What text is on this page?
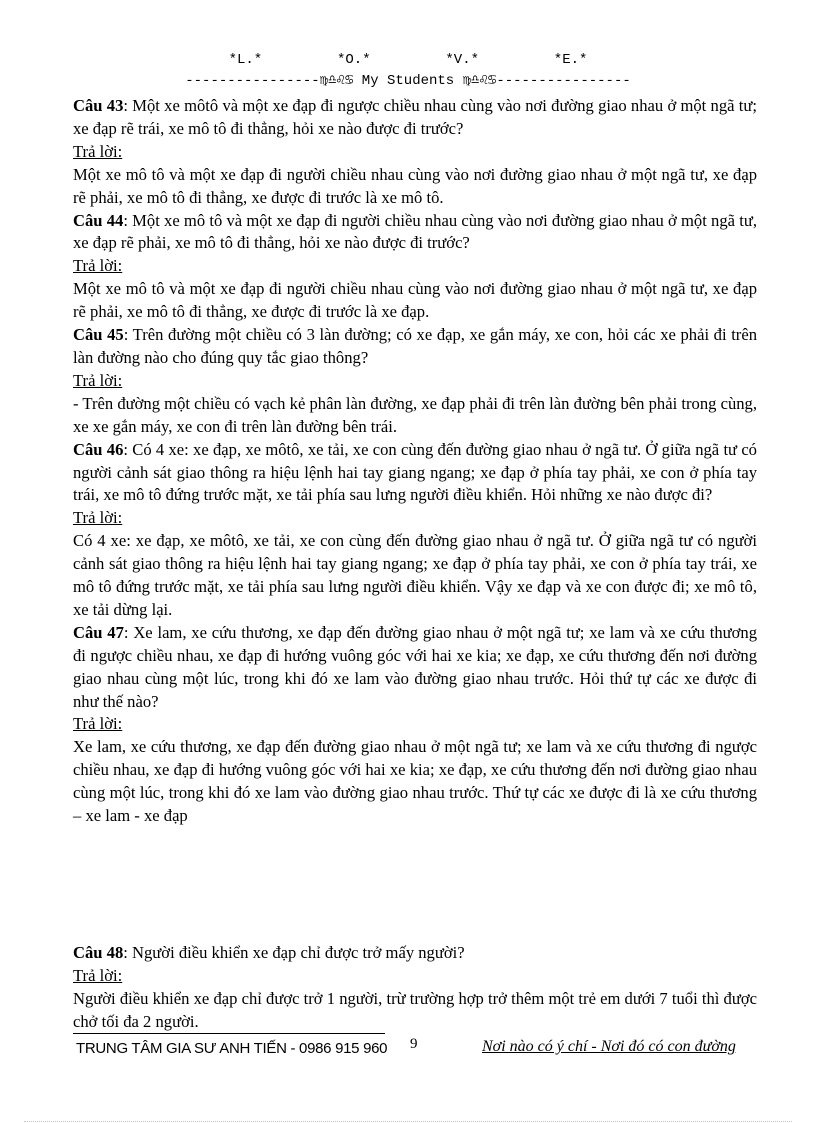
*L.*	*O.*	*V.*	*E.*
----------------♍♎♌♋ My Students ♍♎♌♋----------------

Câu 43: Một xe môtô và một xe đạp đi ngược chiều nhau cùng vào nơi đường giao nhau ở một ngã tư; xe đạp rẽ trái, xe mô tô đi thẳng, hỏi xe nào được đi trước?

Trả lời:

Một xe mô tô và một xe đạp đi người chiều nhau cùng vào nơi đường giao nhau ở một ngã tư, xe đạp rẽ phải, xe mô tô đi thẳng, xe được đi trước là xe mô tô.

Câu 44: Một xe mô tô và một xe đạp đi người chiều nhau cùng vào nơi đường giao nhau ở một ngã tư, xe đạp rẽ phải, xe mô tô đi thẳng, hỏi xe nào được đi trước?

Trả lời:

Một xe mô tô và một xe đạp đi người chiều nhau cùng vào nơi đường giao nhau ở một ngã tư, xe đạp rẽ phải, xe mô tô đi thẳng, xe được đi trước là xe đạp.

Câu 45: Trên đường một chiều có 3 làn đường; có xe đạp, xe gắn máy, xe con, hỏi các xe phải đi trên làn đường nào cho đúng quy tắc giao thông?

Trả lời:

- Trên đường một chiều có vạch kẻ phân làn đường, xe đạp phải đi trên làn đường bên phải trong cùng, xe xe gắn máy, xe con đi trên làn đường bên trái.

Câu 46: Có 4 xe: xe đạp, xe môtô, xe tải, xe con cùng đến đường giao nhau ở ngã tư. Ở giữa ngã tư có người cảnh sát giao thông ra hiệu lệnh hai tay giang ngang; xe đạp ở phía tay phải, xe con ở phía tay trái, xe mô tô đứng trước mặt, xe tải phía sau lưng người điều khiển. Hỏi những xe nào được đi?

Trả lời:

Có 4 xe: xe đạp, xe môtô, xe tải, xe con cùng đến đường giao nhau ở ngã tư. Ở giữa ngã tư có người cảnh sát giao thông ra hiệu lệnh hai tay giang ngang; xe đạp ở phía tay phải, xe con ở phía tay trái, xe mô tô đứng trước mặt, xe tải phía sau lưng người điều khiển. Vậy xe đạp và xe con được đi; xe mô tô, xe tải dừng lại.

Câu 47: Xe lam, xe cứu thương, xe đạp đến đường giao nhau ở một ngã tư; xe lam và xe cứu thương đi ngược chiều nhau, xe đạp đi hướng vuông góc với hai xe kia; xe đạp, xe cứu thương đến nơi đường giao nhau cùng một lúc, trong khi đó xe lam vào đường giao nhau trước. Hỏi thứ tự các xe được đi như thế nào?

Trả lời:

Xe lam, xe cứu thương, xe đạp đến đường giao nhau ở một ngã tư; xe lam và xe cứu thương đi ngược chiều nhau, xe đạp đi hướng vuông góc với hai xe kia; xe đạp, xe cứu thương đến nơi đường giao nhau cùng một lúc, trong khi đó xe lam vào đường giao nhau trước. Thứ tự các xe được đi là xe cứu thương – xe lam - xe đạp

Câu 48: Người điều khiển xe đạp chỉ được trở mấy người?

Trả lời:

Người điều khiển xe đạp chỉ được trở 1 người, trừ trường hợp trở thêm một trẻ em dưới 7 tuổi thì được chở tối đa 2 người.

TRUNG TÂM GIA SƯ ANH TIẾN - 0986 915 960 9	Nơi nào có ý chí - Nơi đó có con đường
